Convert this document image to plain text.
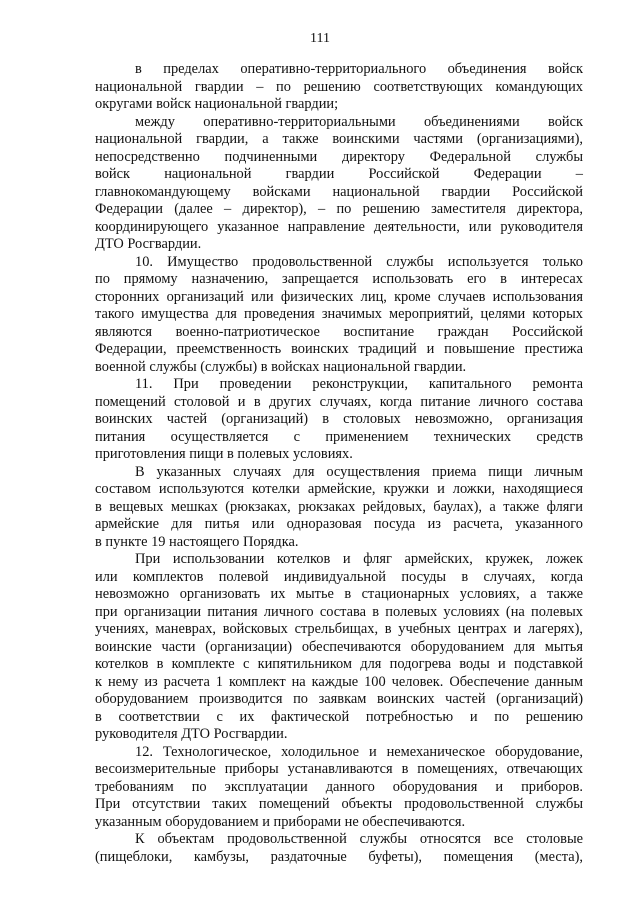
111
в пределах оперативно-территориального объединения войск
национальной гвардии – по решению соответствующих командующих
округами войск национальной гвардии;
между оперативно-территориальными объединениями войск
национальной гвардии, а также воинскими частями (организациями),
непосредственно подчиненными директору Федеральной службы
войск национальной гвардии Российской Федерации –
главнокомандующему войсками национальной гвардии Российской
Федерации (далее – директор), – по решению заместителя директора,
координирующего указанное направление деятельности, или руководителя
ДТО Росгвардии.
10. Имущество продовольственной службы используется только
по прямому назначению, запрещается использовать его в интересах
сторонних организаций или физических лиц, кроме случаев использования
такого имущества для проведения значимых мероприятий, целями которых
являются военно-патриотическое воспитание граждан Российской
Федерации, преемственность воинских традиций и повышение престижа
военной службы (службы) в войсках национальной гвардии.
11. При проведении реконструкции, капитального ремонта
помещений столовой и в других случаях, когда питание личного состава
воинских частей (организаций) в столовых невозможно, организация
питания осуществляется с применением технических средств
приготовления пищи в полевых условиях.
В указанных случаях для осуществления приема пищи личным
составом используются котелки армейские, кружки и ложки, находящиеся
в вещевых мешках (рюкзаках, рюкзаках рейдовых, баулах), а также фляги
армейские для питья или одноразовая посуда из расчета, указанного
в пункте 19 настоящего Порядка.
При использовании котелков и фляг армейских, кружек, ложек
или комплектов полевой индивидуальной посуды в случаях, когда
невозможно организовать их мытье в стационарных условиях, а также
при организации питания личного состава в полевых условиях (на полевых
учениях, маневрах, войсковых стрельбищах, в учебных центрах и лагерях),
воинские части (организации) обеспечиваются оборудованием для мытья
котелков в комплекте с кипятильником для подогрева воды и подставкой
к нему из расчета 1 комплект на каждые 100 человек. Обеспечение данным
оборудованием производится по заявкам воинских частей (организаций)
в соответствии с их фактической потребностью и по решению
руководителя ДТО Росгвардии.
12. Технологическое, холодильное и немеханическое оборудование,
весоизмерительные приборы устанавливаются в помещениях, отвечающих
требованиям по эксплуатации данного оборудования и приборов.
При отсутствии таких помещений объекты продовольственной службы
указанным оборудованием и приборами не обеспечиваются.
К объектам продовольственной службы относятся все столовые
(пищеблоки, камбузы, раздаточные буфеты), помещения (места),
